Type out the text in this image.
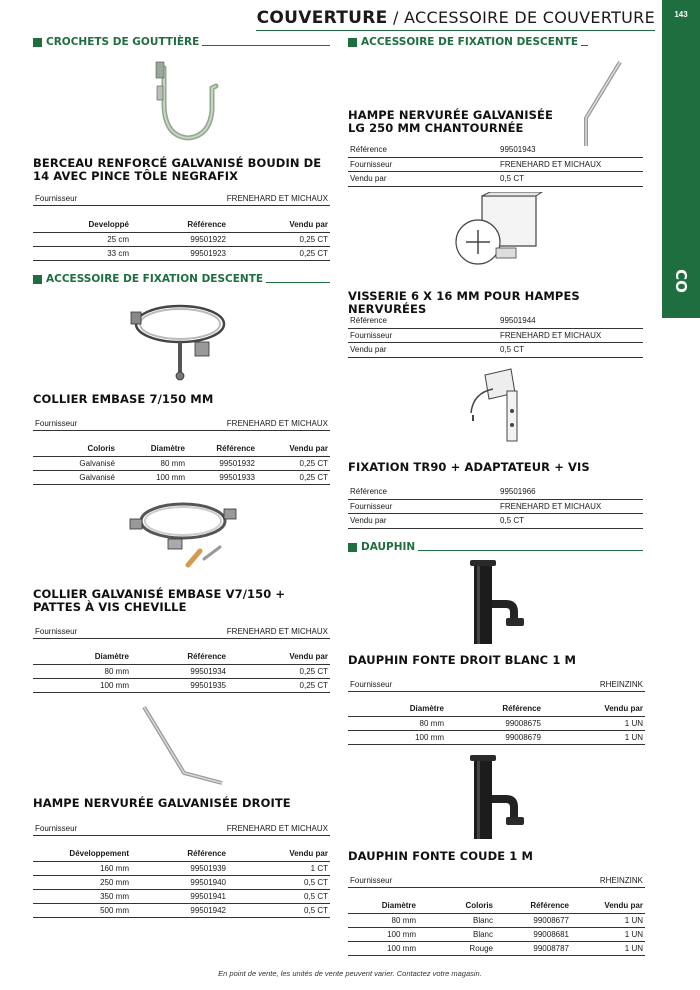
COUVERTURE / ACCESSOIRE DE COUVERTURE	143
CO
CROCHETS DE GOUTTIÈRE
BERCEAU RENFORCÉ GALVANISÉ BOUDIN DE 14 AVEC PINCE TÔLE NEGRAFIX
Fournisseur	FRENEHARD ET MICHAUX
Developpé	Référence	Vendu par
25 cm	99501922	0,25 CT
33 cm	99501923	0,25 CT
ACCESSOIRE DE FIXATION DESCENTE
COLLIER EMBASE 7/150 MM
Fournisseur	FRENEHARD ET MICHAUX
Coloris	Diamètre	Référence	Vendu par
Galvanisé	80 mm	99501932	0,25 CT
Galvanisé	100 mm	99501933	0,25 CT
COLLIER GALVANISÉ EMBASE V7/150 + PATTES À VIS CHEVILLE
Fournisseur	FRENEHARD ET MICHAUX
Diamètre	Référence	Vendu par
80 mm	99501934	0,25 CT
100 mm	99501935	0,25 CT
HAMPE NERVURÉE GALVANISÉE DROITE
Fournisseur	FRENEHARD ET MICHAUX
Développement	Référence	Vendu par
160 mm	99501939	1 CT
250 mm	99501940	0,5 CT
350 mm	99501941	0,5 CT
500 mm	99501942	0,5 CT
ACCESSOIRE DE FIXATION DESCENTE
HAMPE NERVURÉE GALVANISÉE LG 250 MM CHANTOURNÉE
Référence	99501943
Fournisseur	FRENEHARD ET MICHAUX
Vendu par	0,5 CT
VISSERIE 6 X 16 MM POUR HAMPES NERVURÉES
Référence	99501944
Fournisseur	FRENEHARD ET MICHAUX
Vendu par	0,5 CT
FIXATION TR90 + ADAPTATEUR + VIS
Référence	99501966
Fournisseur	FRENEHARD ET MICHAUX
Vendu par	0,5 CT
DAUPHIN
DAUPHIN FONTE DROIT BLANC 1 M
Fournisseur	RHEINZINK
Diamètre	Référence	Vendu par
80 mm	99008675	1 UN
100 mm	99008679	1 UN
DAUPHIN FONTE COUDE 1 M
Fournisseur	RHEINZINK
Diamètre	Coloris	Référence	Vendu par
80 mm	Blanc	99008677	1 UN
100 mm	Blanc	99008681	1 UN
100 mm	Rouge	99008787	1 UN
En point de vente, les unités de vente peuvent varier. Contactez votre magasin.
